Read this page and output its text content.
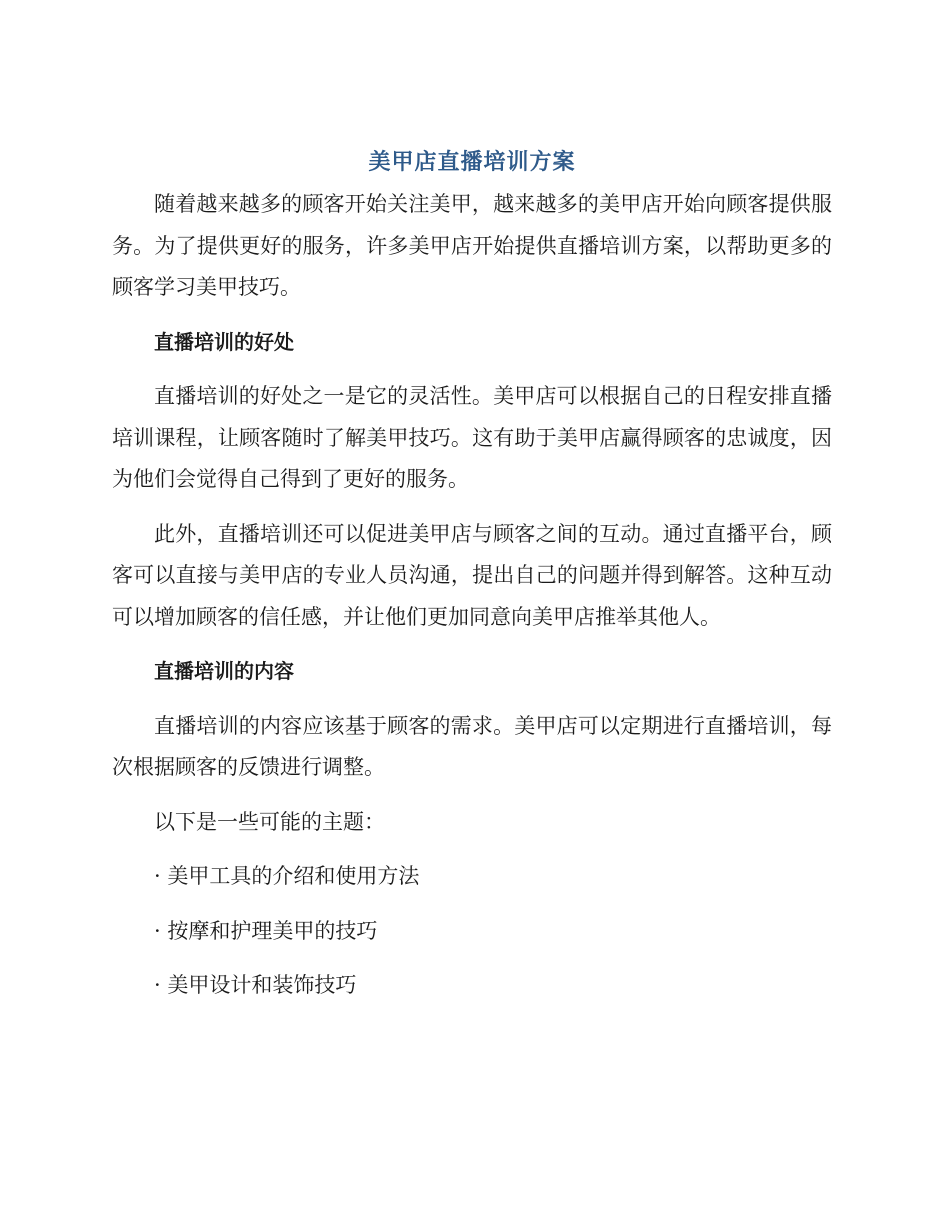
美甲店直播培训方案

随着越来越多的顾客开始关注美甲，越来越多的美甲店开始向顾客提供服务。为了提供更好的服务，许多美甲店开始提供直播培训方案，以帮助更多的顾客学习美甲技巧。

直播培训的好处

直播培训的好处之一是它的灵活性。美甲店可以根据自己的日程安排直播培训课程，让顾客随时了解美甲技巧。这有助于美甲店赢得顾客的忠诚度，因为他们会觉得自己得到了更好的服务。

此外，直播培训还可以促进美甲店与顾客之间的互动。通过直播平台，顾客可以直接与美甲店的专业人员沟通，提出自己的问题并得到解答。这种互动可以增加顾客的信任感，并让他们更加同意向美甲店推举其他人。

直播培训的内容

直播培训的内容应该基于顾客的需求。美甲店可以定期进行直播培训，每次根据顾客的反馈进行调整。

以下是一些可能的主题：

· 美甲工具的介绍和使用方法

· 按摩和护理美甲的技巧

· 美甲设计和装饰技巧
